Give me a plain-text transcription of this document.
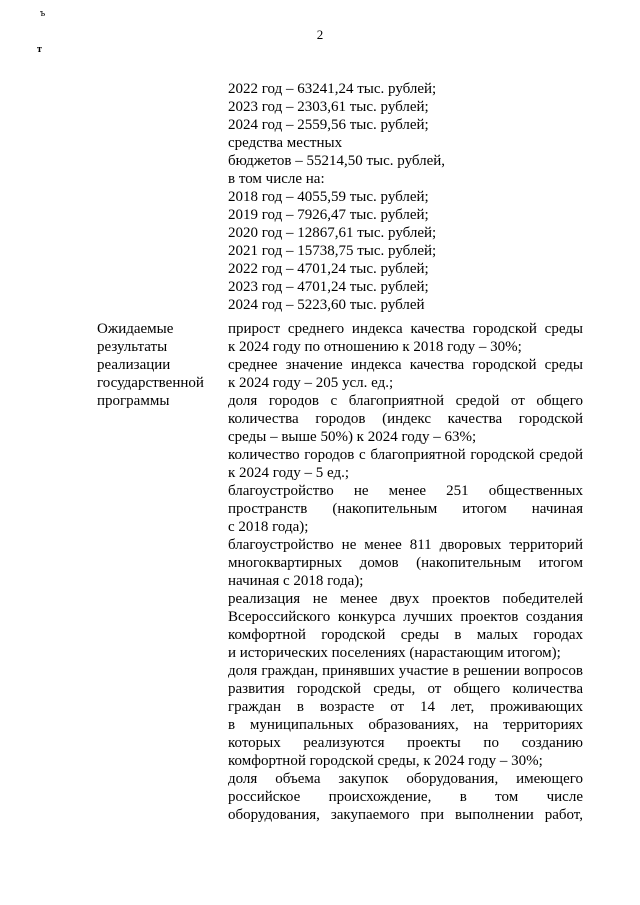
ъ
т
2
2022 год – 63241,24 тыс. рублей;
2023 год – 2303,61 тыс. рублей;
2024 год – 2559,56 тыс. рублей;
средства местных
бюджетов – 55214,50 тыс. рублей,
в том числе на:
2018 год – 4055,59 тыс. рублей;
2019 год – 7926,47 тыс. рублей;
2020 год – 12867,61 тыс. рублей;
2021 год – 15738,75 тыс. рублей;
2022 год – 4701,24 тыс. рублей;
2023 год – 4701,24 тыс. рублей;
2024 год – 5223,60 тыс. рублей
Ожидаемые
результаты
реализации
государственной
программы
прирост среднего индекса качества городской среды
к 2024 году по отношению к 2018 году – 30%;
среднее значение индекса качества городской среды
к 2024 году – 205 усл. ед.;
доля городов с благоприятной средой от общего
количества городов (индекс качества городской
среды – выше 50%) к 2024 году – 63%;
количество городов с благоприятной городской средой
к 2024 году – 5 ед.;
благоустройство не менее 251 общественных
пространств (накопительным итогом начиная
с 2018 года);
благоустройство не менее 811 дворовых территорий
многоквартирных домов (накопительным итогом
начиная с 2018 года);
реализация не менее двух проектов победителей
Всероссийского конкурса лучших проектов создания
комфортной городской среды в малых городах
и исторических поселениях (нарастающим итогом);
доля граждан, принявших участие в решении вопросов
развития городской среды, от общего количества
граждан в возрасте от 14 лет, проживающих
в муниципальных образованиях, на территориях
которых реализуются проекты по созданию
комфортной городской среды, к 2024 году – 30%;
доля объема закупок оборудования, имеющего
российское происхождение, в том числе
оборудования, закупаемого при выполнении работ,
